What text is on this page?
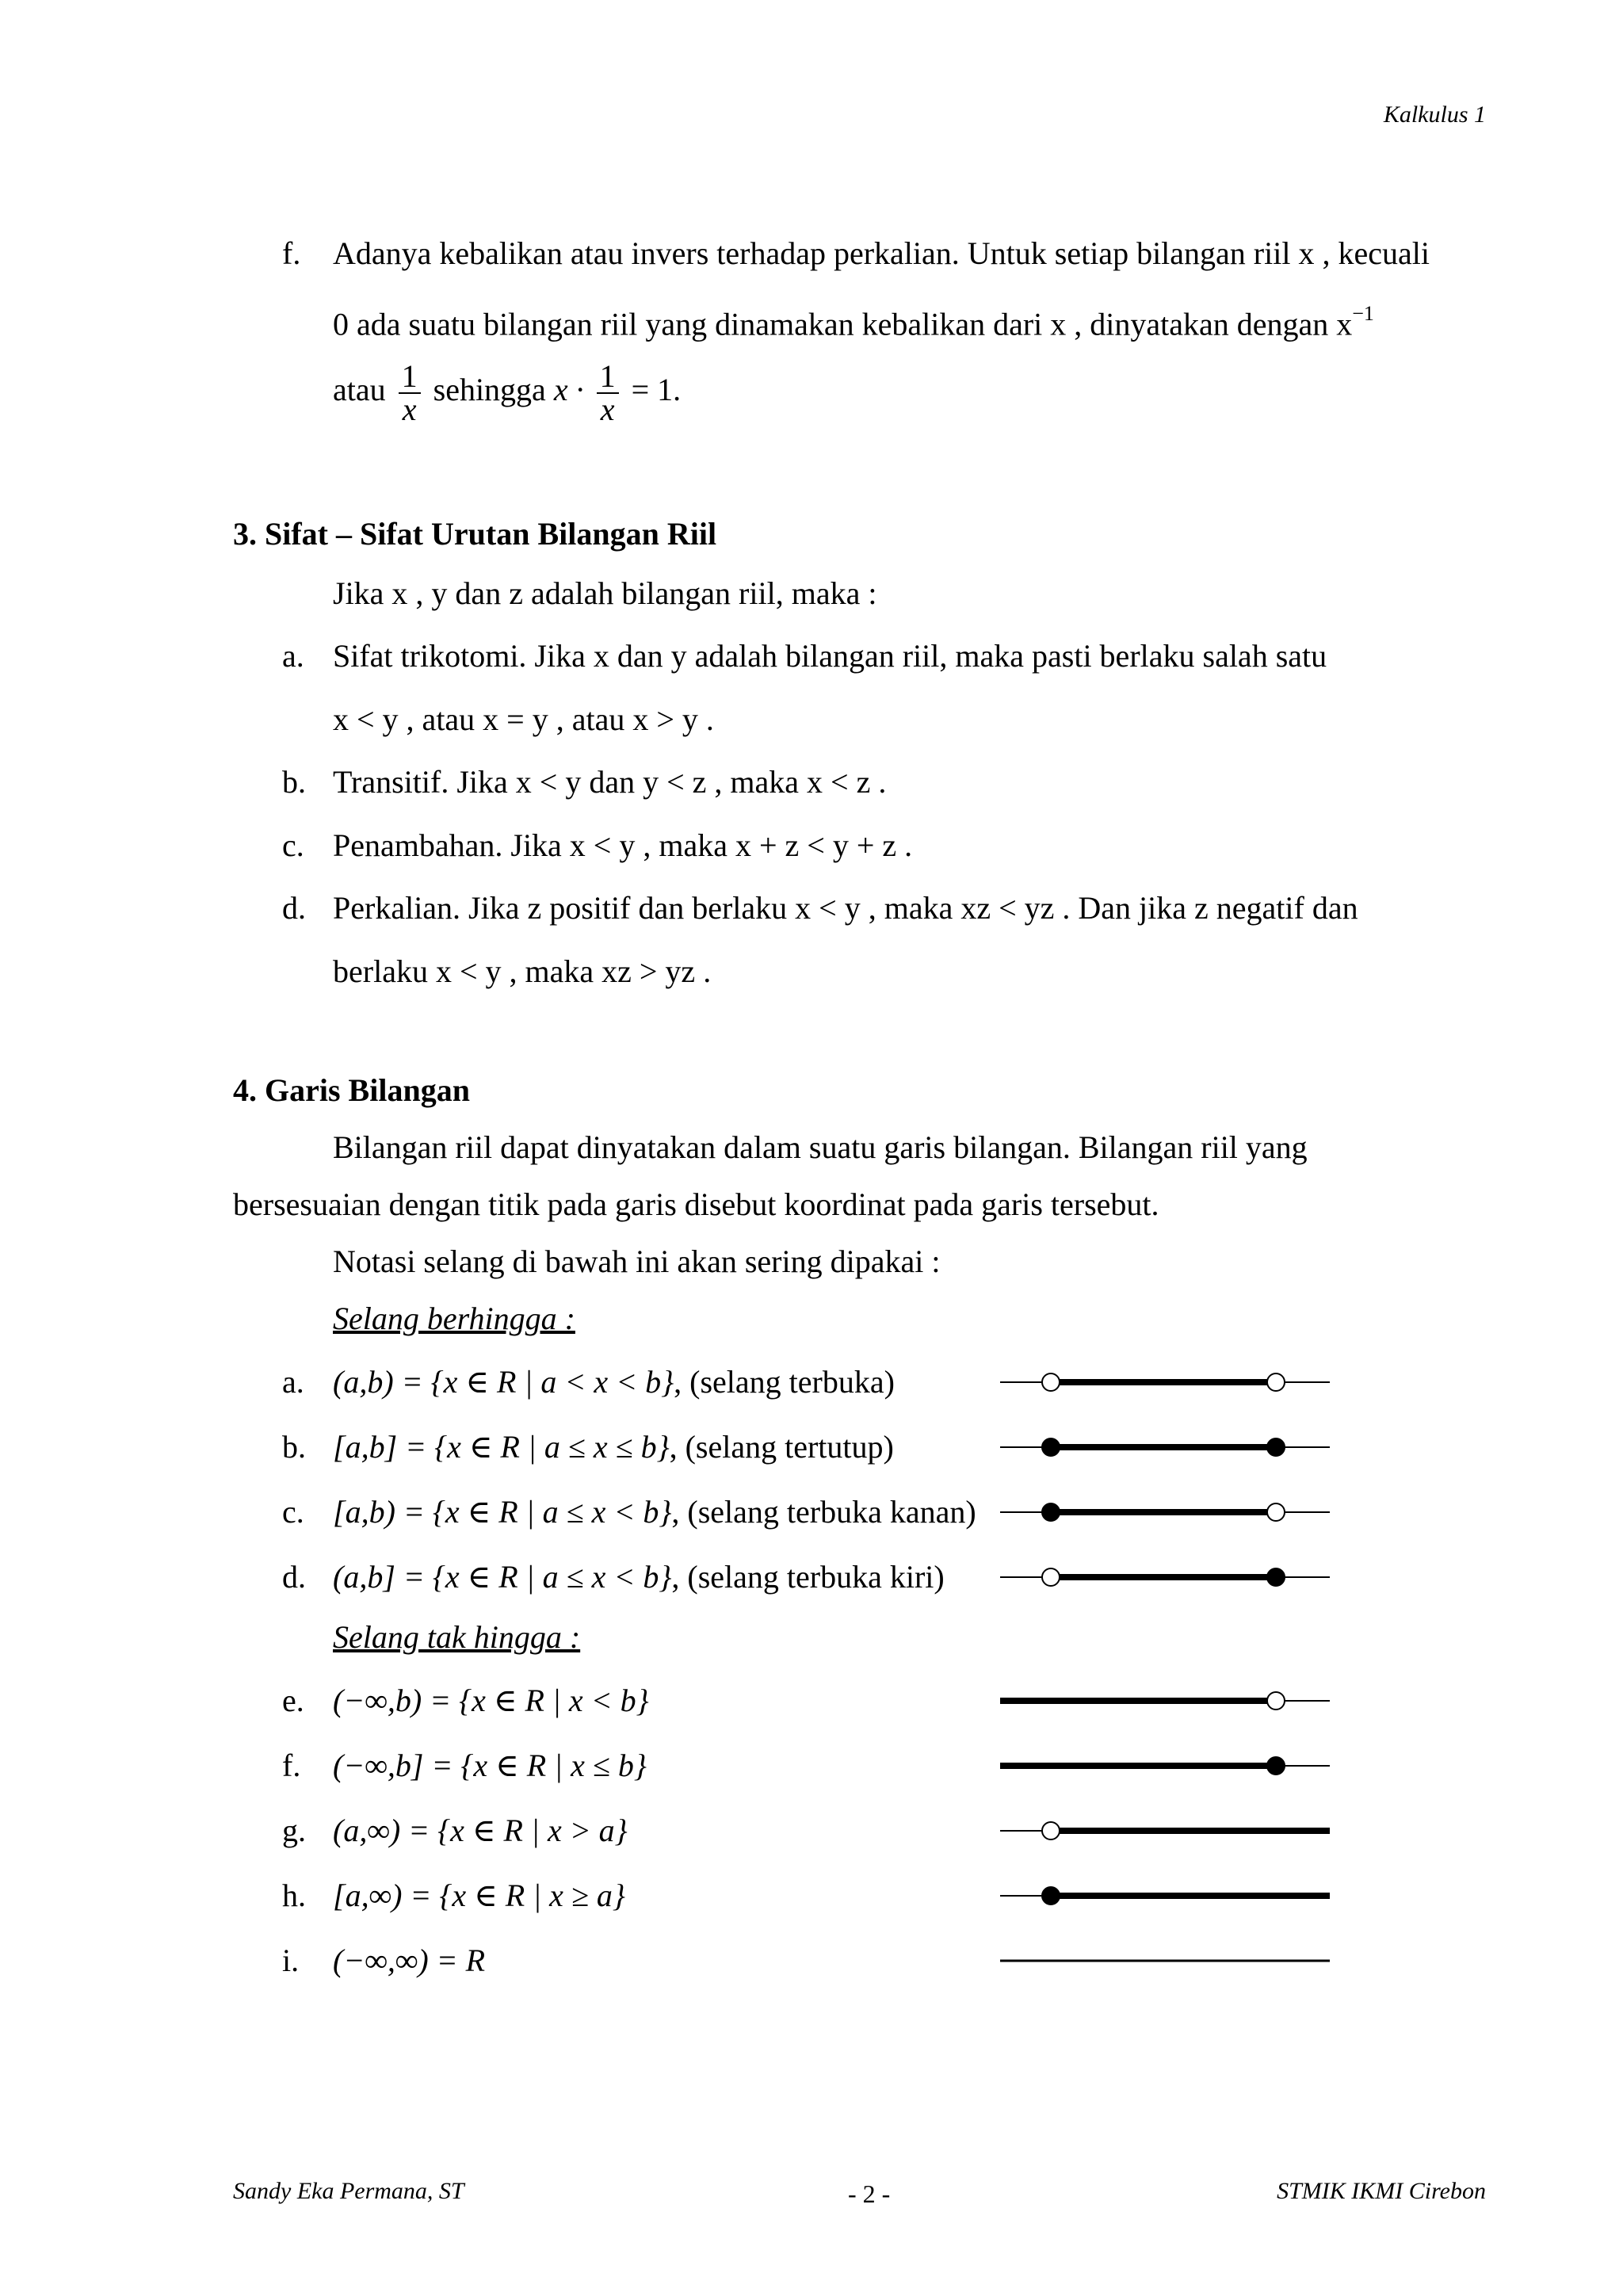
Kalkulus 1
f. Adanya kebalikan atau invers terhadap perkalian. Untuk setiap bilangan riil x , kecuali
0 ada suatu bilangan riil yang dinamakan kebalikan dari x , dinyatakan dengan $x^{-1}$
atau $\frac{1}{x}$ sehingga $x \cdot \frac{1}{x} = 1$.
3. Sifat – Sifat Urutan Bilangan Riil
Jika x , y dan z adalah bilangan riil, maka :
a. Sifat trikotomi. Jika x dan y adalah bilangan riil, maka pasti berlaku salah satu
x < y , atau x = y , atau x > y .
b. Transitif. Jika x < y dan y < z , maka x < z .
c. Penambahan. Jika x < y , maka x + z < y + z .
d. Perkalian. Jika z positif dan berlaku x < y , maka xz < yz . Dan jika z negatif dan
berlaku x < y , maka xz > yz .
4. Garis Bilangan
Bilangan riil dapat dinyatakan dalam suatu garis bilangan. Bilangan riil yang
bersesuaian dengan titik pada garis disebut koordinat pada garis tersebut.
Notasi selang di bawah ini akan sering dipakai :
Selang berhingga :
a. (a,b) = {x ∈ R | a < x < b}, (selang terbuka)
b. [a,b] = {x ∈ R | a ≤ x ≤ b}, (selang tertutup)
c. [a,b) = {x ∈ R | a ≤ x < b}, (selang terbuka kanan)
d. (a,b] = {x ∈ R | a ≤ x < b}, (selang terbuka kiri)
Selang tak hingga :
e. (−∞,b) = {x ∈ R | x < b}
f. (−∞,b] = {x ∈ R | x ≤ b}
g. (a,∞) = {x ∈ R | x > a}
h. [a,∞) = {x ∈ R | x ≥ a}
i. (−∞,∞) = R
Sandy Eka Permana, ST	- 2 -	STMIK IKMI Cirebon
